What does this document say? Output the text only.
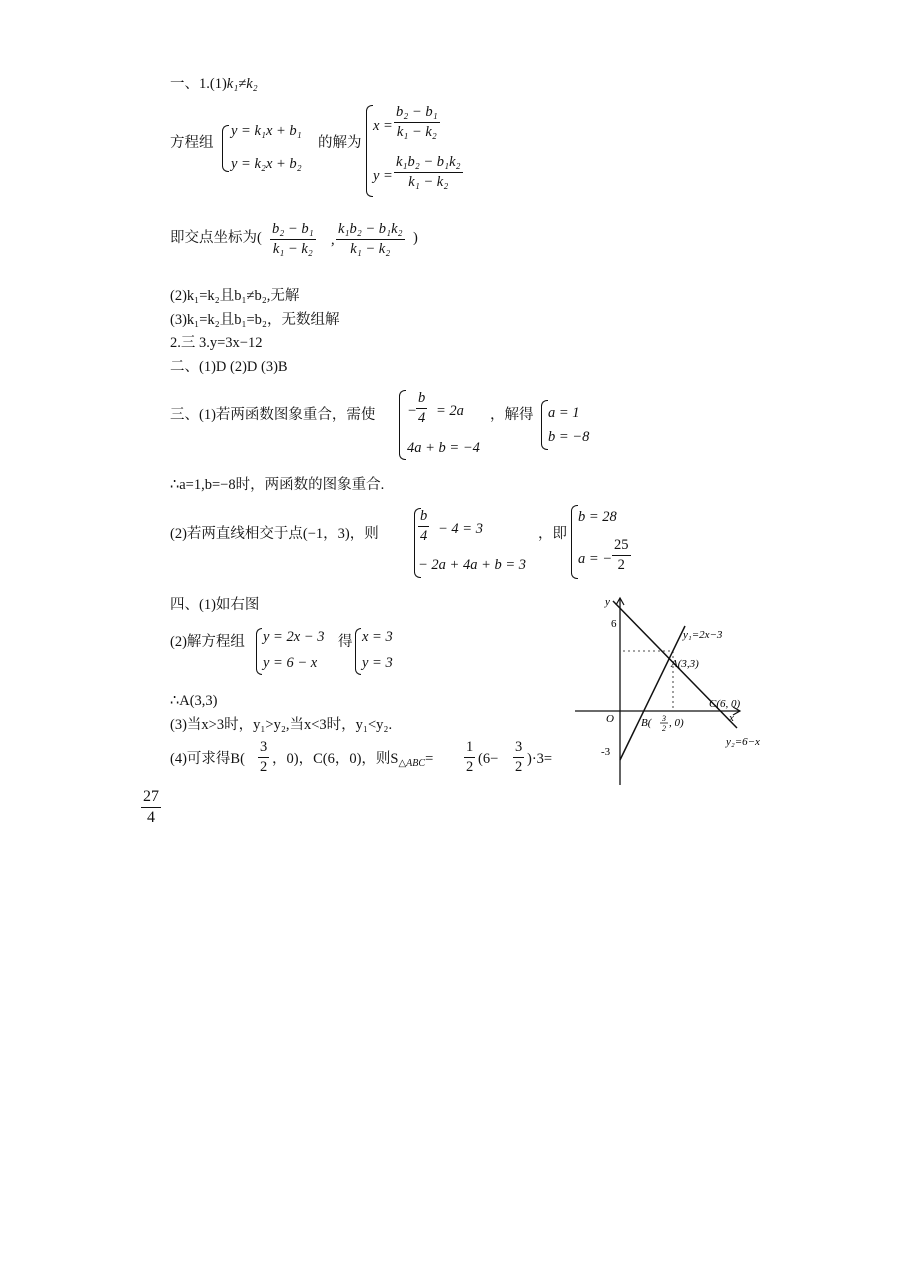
一、1.(1)k₁≠k₂
方程组
y = k₁x + b₁
y = k₂x + b₂
的解为
x =
b₂ − b₁
k₁ − k₂
y =
k₁b₂ − b₁k₂
k₁ − k₂
即交点坐标为(
b₂ − b₁
k₁ − k₂
,
k₁b₂ − b₁k₂
k₁ − k₂
)
(2)k₁=k₂且b₁≠b₂,无解
(3)k₁=k₂且b₁=b₂，无数组解
2.三 3.y=3x−12
二、(1)D (2)D (3)B
三、(1)若两函数图象重合，需使 −
b
4 = 2a
4a + b = −4
，解得 a = 1
b = −8
∴a=1,b=−8时，两函数的图象重合.
(2)若两直线相交于点(−1，3)，则
b
4 − 4 = 3
− 2a + 4a + b = 3
，即
b = 28
a = −
25
2
四、(1)如右图
(2)解方程组 y = 2x − 3
y = 6 − x
得 x = 3
y = 3
∴A(3,3)
(3)当x>3时，y₁>y₂,当x<3时，y₁<y₂.
(4)可求得B(
3
2 ，0)，C(6，0)，则$S_{\triangle ABC}=$
1
2 (6−
3
2 )·3=
27
4
y
x
O
6
-3
y₁=2x−3
y₂=6−x
A(3,3)
C(6, 0)
B( 3
2 , 0)
